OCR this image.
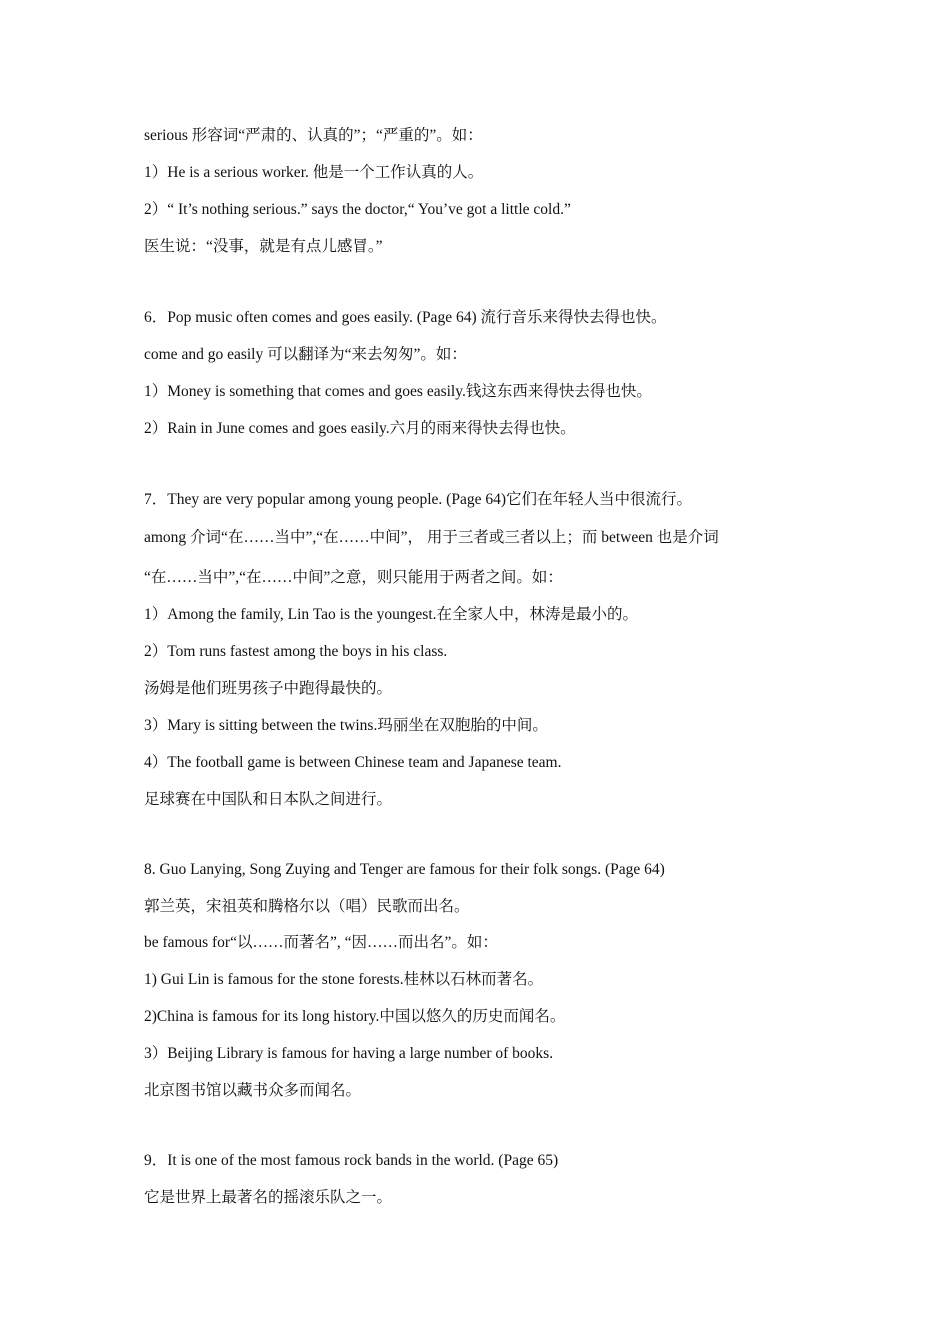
serious 形容词“严肃的、认真的”；“严重的”。如：
1）He is a serious worker. 他是一个工作认真的人。
2）“ It’s nothing serious.” says the doctor,“ You’ve got a little cold.”
医生说：“没事，就是有点儿感冒。”
6．Pop music often comes and goes easily. (Page 64) 流行音乐来得快去得也快。
come and go easily 可以翻译为“来去匆匆”。如：
1）Money is something that comes and goes easily.钱这东西来得快去得也快。
2）Rain in June comes and goes easily.六月的雨来得快去得也快。
7．They are very popular among young people. (Page 64)它们在年轻人当中很流行。
among 介词“在……当中”,“在……中间”， 用于三者或三者以上；而 between 也是介词
“在……当中”,“在……中间”之意，则只能用于两者之间。如：
1）Among the family, Lin Tao is the youngest.在全家人中，林涛是最小的。
2）Tom runs fastest among the boys in his class.
汤姆是他们班男孩子中跑得最快的。
3）Mary is sitting between the twins.玛丽坐在双胞胎的中间。
4）The football game is between Chinese team and Japanese team.
足球赛在中国队和日本队之间进行。
8. Guo Lanying, Song Zuying and Tenger are famous for their folk songs. (Page 64)
郭兰英，宋祖英和腾格尔以（唱）民歌而出名。
be famous for“以……而著名”, “因……而出名”。如：
1) Gui Lin is famous for the stone forests.桂林以石林而著名。
2)China is famous for its long history.中国以悠久的历史而闻名。
3）Beijing Library is famous for having a large number of books.
北京图书馆以藏书众多而闻名。
9．It is one of the most famous rock bands in the world. (Page 65)
它是世界上最著名的摇滚乐队之一。
